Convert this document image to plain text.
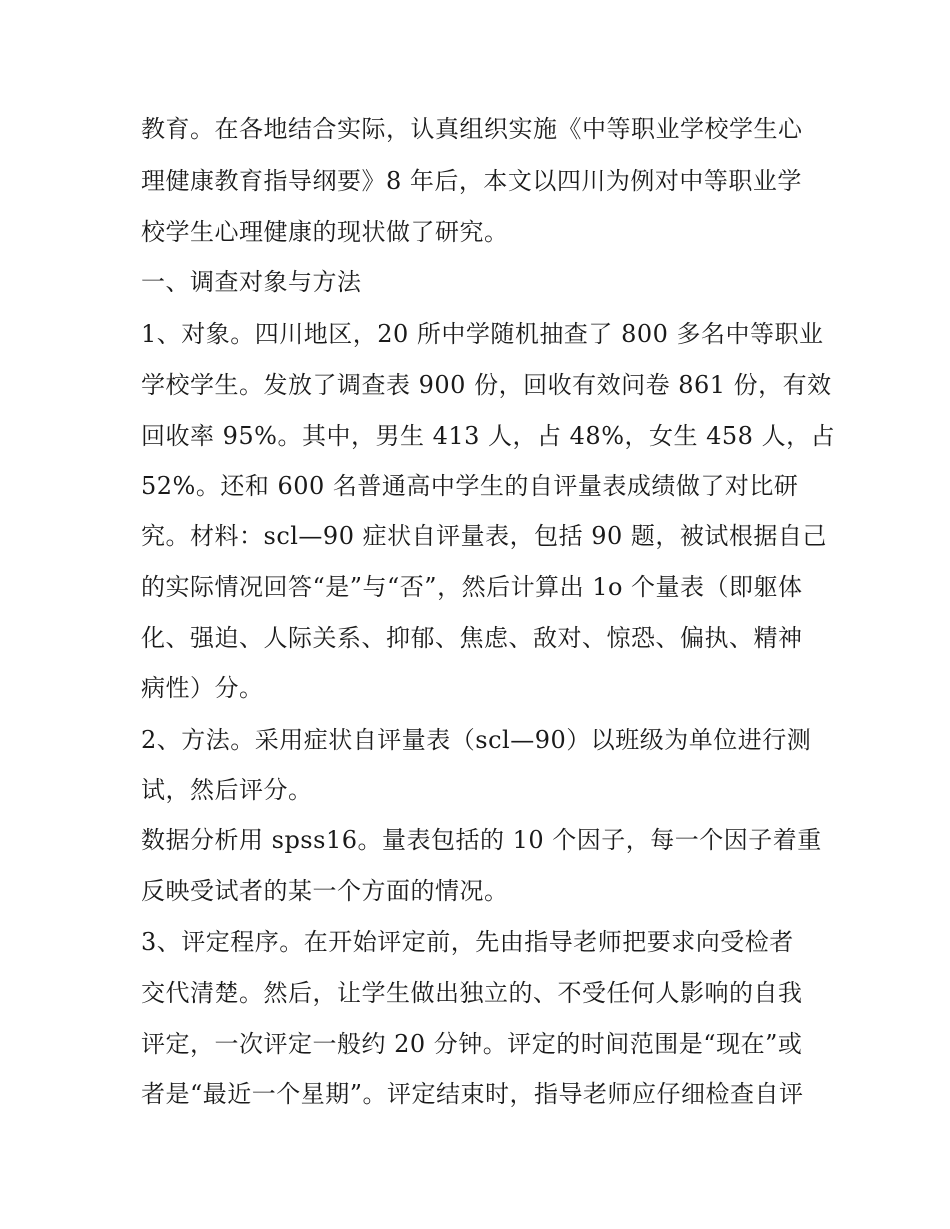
教育。在各地结合实际，认真组织实施《中等职业学校学生心
理健康教育指导纲要》8 年后，本文以四川为例对中等职业学
校学生心理健康的现状做了研究。
一、调查对象与方法
1、对象。四川地区，20 所中学随机抽查了 800 多名中等职业
学校学生。发放了调查表 900 份，回收有效问卷 861 份，有效
回收率 95%。其中，男生 413 人，占 48%，女生 458 人，占
52%。还和 600 名普通高中学生的自评量表成绩做了对比研
究。材料：scl—90 症状自评量表，包括 90 题，被试根据自己
的实际情况回答“是”与“否”，然后计算出 1o 个量表（即躯体
化、强迫、人际关系、抑郁、焦虑、敌对、惊恐、偏执、精神
病性）分。
2、方法。采用症状自评量表（scl—90）以班级为单位进行测
试，然后评分。
数据分析用 spss16。量表包括的 10 个因子，每一个因子着重
反映受试者的某一个方面的情况。
3、评定程序。在开始评定前，先由指导老师把要求向受检者
交代清楚。然后，让学生做出独立的、不受任何人影响的自我
评定，一次评定一般约 20 分钟。评定的时间范围是“现在”或
者是“最近一个星期”。评定结束时，指导老师应仔细检查自评
